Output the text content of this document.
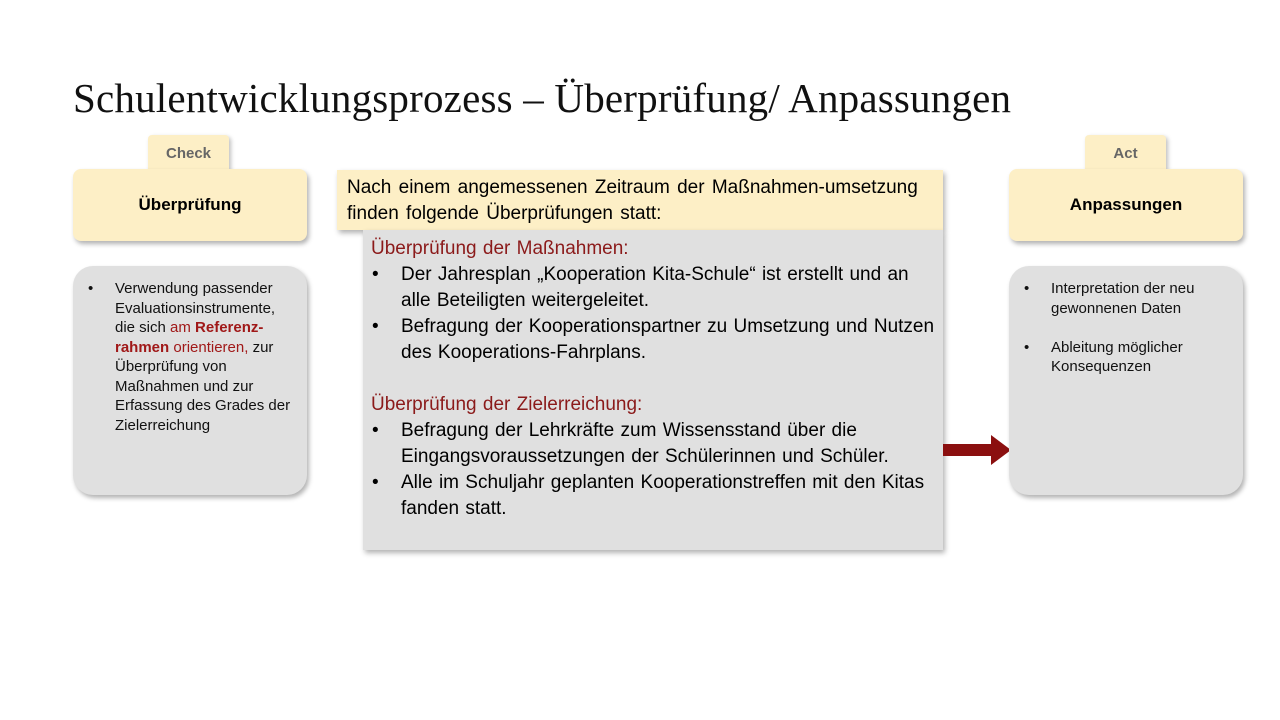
Schulentwicklungsprozess – Überprüfung/ Anpassungen
Check
Überprüfung
• Verwendung passender Evaluationsinstrumente, die sich am Referenz-rahmen orientieren, zur Überprüfung von Maßnahmen und zur Erfassung des Grades der Zielerreichung
Nach einem angemessenen Zeitraum der Maßnahmen-umsetzung finden folgende Überprüfungen statt:
Überprüfung der Maßnahmen:
• Der Jahresplan „Kooperation Kita-Schule“ ist erstellt und an alle Beteiligten weitergeleitet.
• Befragung der Kooperationspartner zu Umsetzung und Nutzen des Kooperations-Fahrplans.
Überprüfung der Zielerreichung:
• Befragung der Lehrkräfte zum Wissensstand über die Eingangsvoraussetzungen der Schülerinnen und Schüler.
• Alle im Schuljahr geplanten Kooperationstreffen mit den Kitas fanden statt.
Act
Anpassungen
• Interpretation der neu gewonnenen Daten
• Ableitung möglicher Konsequenzen
